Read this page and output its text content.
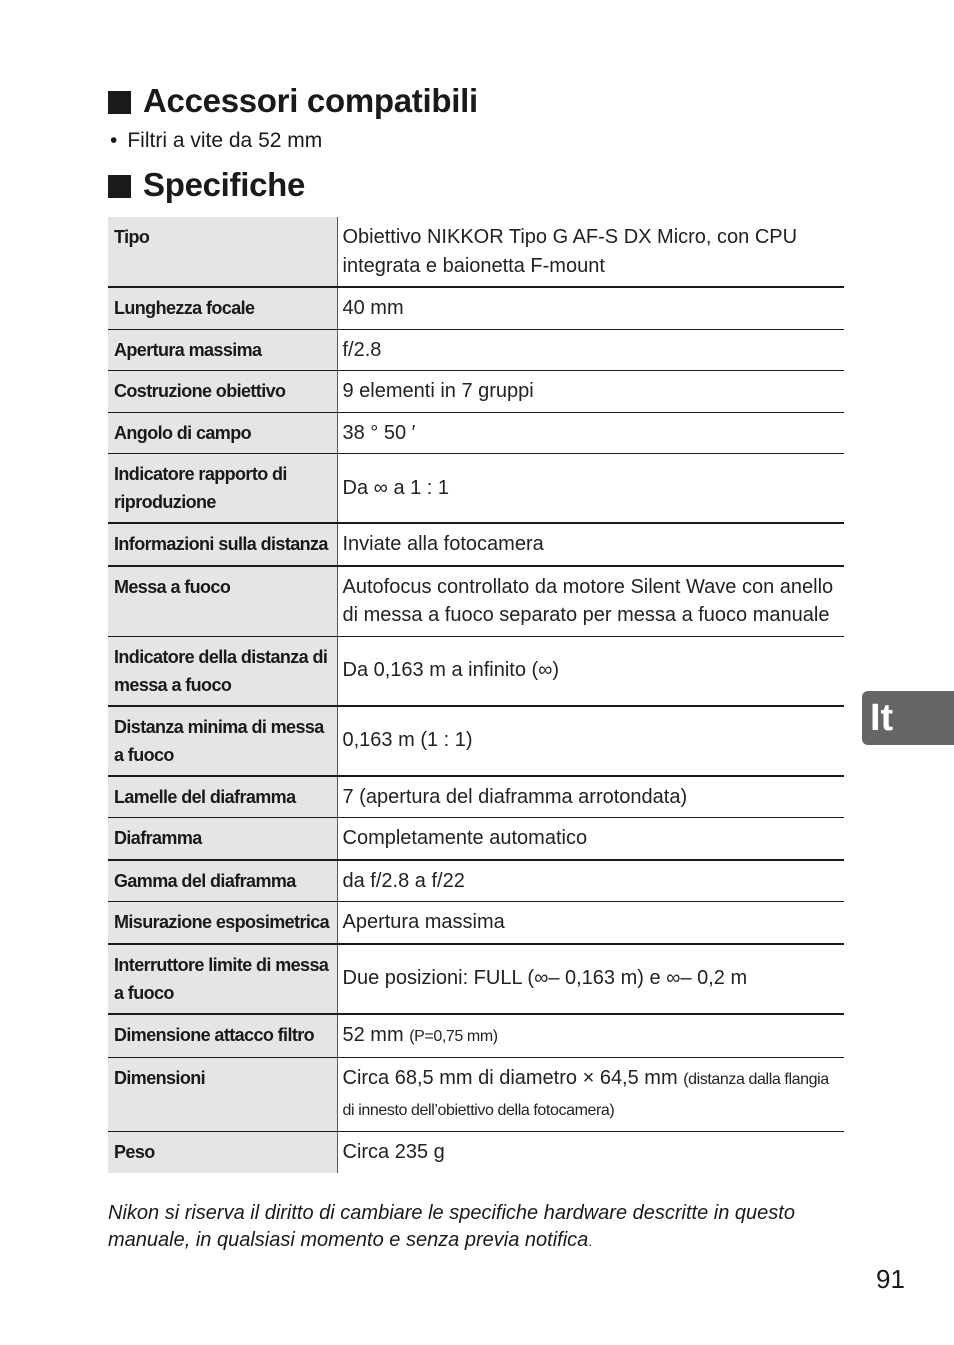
Accessori compatibili
• Filtri a vite da 52 mm
Specifiche
Tipo	Obiettivo NIKKOR Tipo G AF-S DX Micro, con CPU integrata e baionetta F-mount
Lunghezza focale	40 mm
Apertura massima	f/2.8
Costruzione obiettivo	9 elementi in 7 gruppi
Angolo di campo	38 ° 50 ′
Indicatore rapporto di riproduzione	Da ∞ a 1 : 1
Informazioni sulla distanza	Inviate alla fotocamera
Messa a fuoco	Autofocus controllato da motore Silent Wave con anello di messa a fuoco separato per messa a fuoco manuale
Indicatore della distanza di messa a fuoco	Da 0,163 m a infinito (∞)
Distanza minima di messa a fuoco	0,163 m (1 : 1)
Lamelle del diaframma	7 (apertura del diaframma arrotondata)
Diaframma	Completamente automatico
Gamma del diaframma	da f/2.8 a f/22
Misurazione esposimetrica	Apertura massima
Interruttore limite di messa a fuoco	Due posizioni: FULL (∞– 0,163 m) e ∞– 0,2 m
Dimensione attacco filtro	52 mm (P=0,75 mm)
Dimensioni	Circa 68,5 mm di diametro × 64,5 mm (distanza dalla flangia di innesto dell’obiettivo della fotocamera)
Peso	Circa 235 g
Nikon si riserva il diritto di cambiare le specifiche hardware descritte in questo manuale, in qualsiasi momento e senza previa notifica.
91
It
